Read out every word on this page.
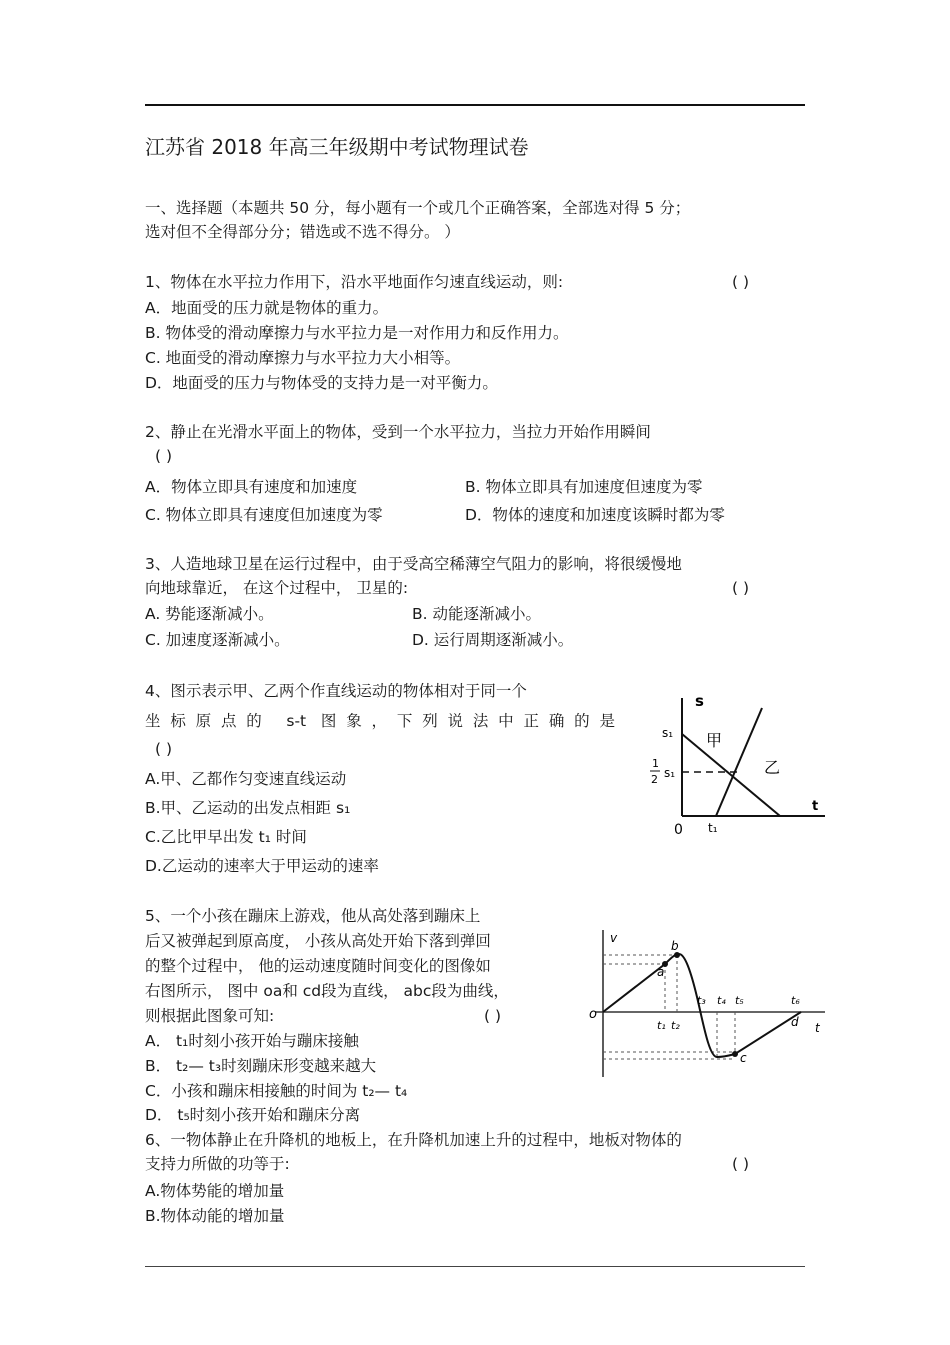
江苏省 2018 年高三年级期中考试物理试卷
一、选择题（本题共 50 分，每小题有一个或几个正确答案，全部选对得 5 分；
选对但不全得部分分；错选或不选不得分。 ）
1、物体在水平拉力作用下，沿水平地面作匀速直线运动，则:	( )
A．地面受的压力就是物体的重力。
B. 物体受的滑动摩擦力与水平拉力是一对作用力和反作用力。
C. 地面受的滑动摩擦力与水平拉力大小相等。
D．地面受的压力与物体受的支持力是一对平衡力。
2、静止在光滑水平面上的物体，受到一个水平拉力，当拉力开始作用瞬间
( )
A．物体立即具有速度和加速度	B. 物体立即具有加速度但速度为零
C. 物体立即具有速度但加速度为零	D．物体的速度和加速度该瞬时都为零
3、人造地球卫星在运行过程中，由于受高空稀薄空气阻力的影响，将很缓慢地
向地球靠近， 在这个过程中， 卫星的:	( )
A. 势能逐渐减小。	B. 动能逐渐减小。
C. 加速度逐渐减小。	D. 运行周期逐渐减小。
4、图示表示甲、乙两个作直线运动的物体相对于同一个
坐标原点的 s-t 图象，下列说法中正确的是
( )
A.甲、乙都作匀变速直线运动
B.甲、乙运动的出发点相距 s₁
C.乙比甲早出发 t₁ 时间
D.乙运动的速率大于甲运动的速率
s
t
0
s₁
1
2 s₁
t₁
甲
乙
5、一个小孩在蹦床上游戏，他从高处落到蹦床上
后又被弹起到原高度， 小孩从高处开始下落到弹回
的整个过程中， 他的运动速度随时间变化的图像如
右图所示， 图中 oa和 cd段为直线， abc段为曲线，
则根据此图象可知:	( )
A． t₁时刻小孩开始与蹦床接触
B． t₂— t₃时刻蹦床形变越来越大
C．小孩和蹦床相接触的时间为 t₂— t₄
D． t₅时刻小孩开始和蹦床分离
v
t
o
a
b
c
d
t₁ t₂
t₃ t₄ t₅	t₆
6、一物体静止在升降机的地板上，在升降机加速上升的过程中，地板对物体的
支持力所做的功等于:	( )
A.物体势能的增加量
B.物体动能的增加量
